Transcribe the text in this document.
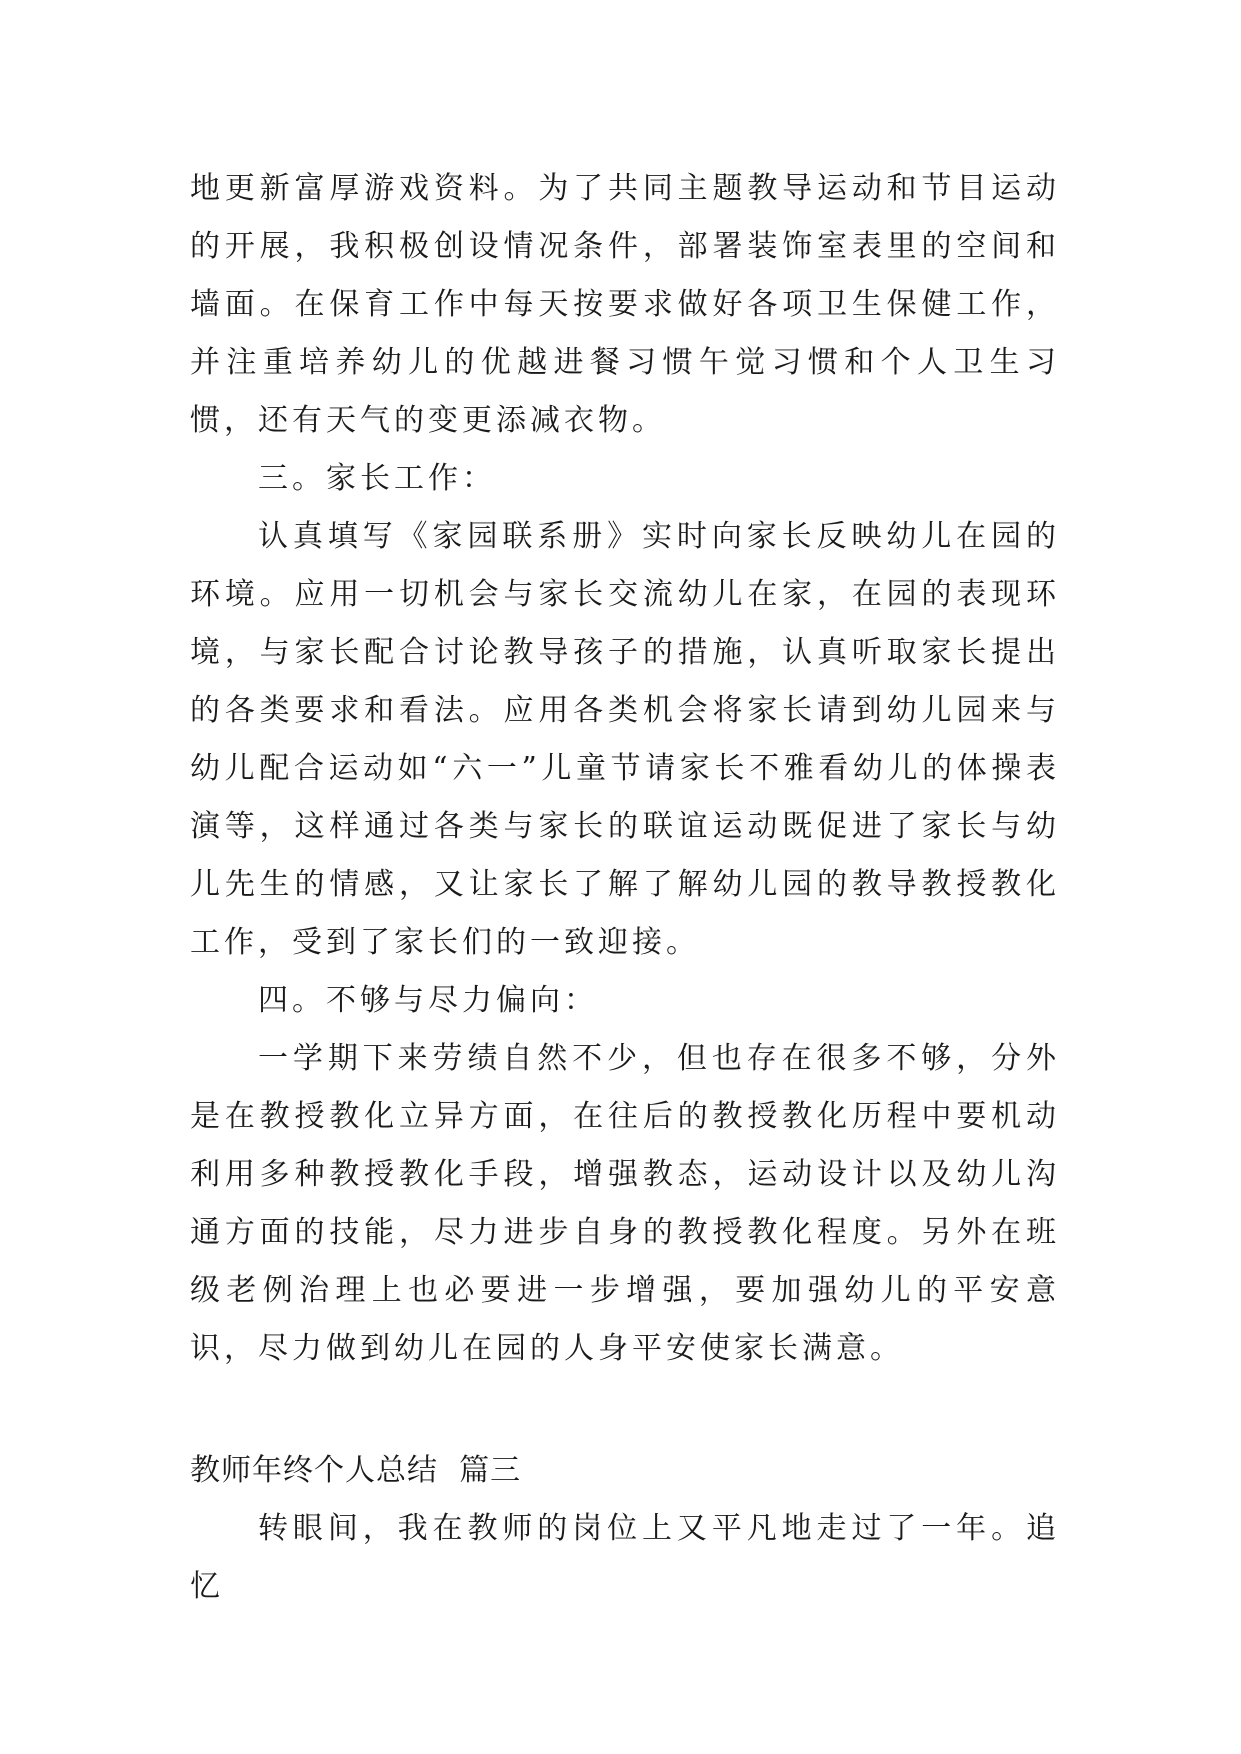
地更新富厚游戏资料。为了共同主题教导运动和节目运动的开展，我积极创设情况条件，部署装饰室表里的空间和墙面。在保育工作中每天按要求做好各项卫生保健工作，并注重培养幼儿的优越进餐习惯午觉习惯和个人卫生习惯，还有天气的变更添减衣物。

三。家长工作：

认真填写《家园联系册》实时向家长反映幼儿在园的环境。应用一切机会与家长交流幼儿在家，在园的表现环境，与家长配合讨论教导孩子的措施，认真听取家长提出的各类要求和看法。应用各类机会将家长请到幼儿园来与幼儿配合运动如“六一”儿童节请家长不雅看幼儿的体操表演等，这样通过各类与家长的联谊运动既促进了家长与幼儿先生的情感，又让家长了解了解幼儿园的教导教授教化工作，受到了家长们的一致迎接。

四。不够与尽力偏向：

一学期下来劳绩自然不少，但也存在很多不够，分外是在教授教化立异方面，在往后的教授教化历程中要机动利用多种教授教化手段，增强教态，运动设计以及幼儿沟通方面的技能，尽力进步自身的教授教化程度。另外在班级老例治理上也必要进一步增强，要加强幼儿的平安意识，尽力做到幼儿在园的人身平安使家长满意。

教师年终个人总结  篇三

转眼间，我在教师的岗位上又平凡地走过了一年。追忆
